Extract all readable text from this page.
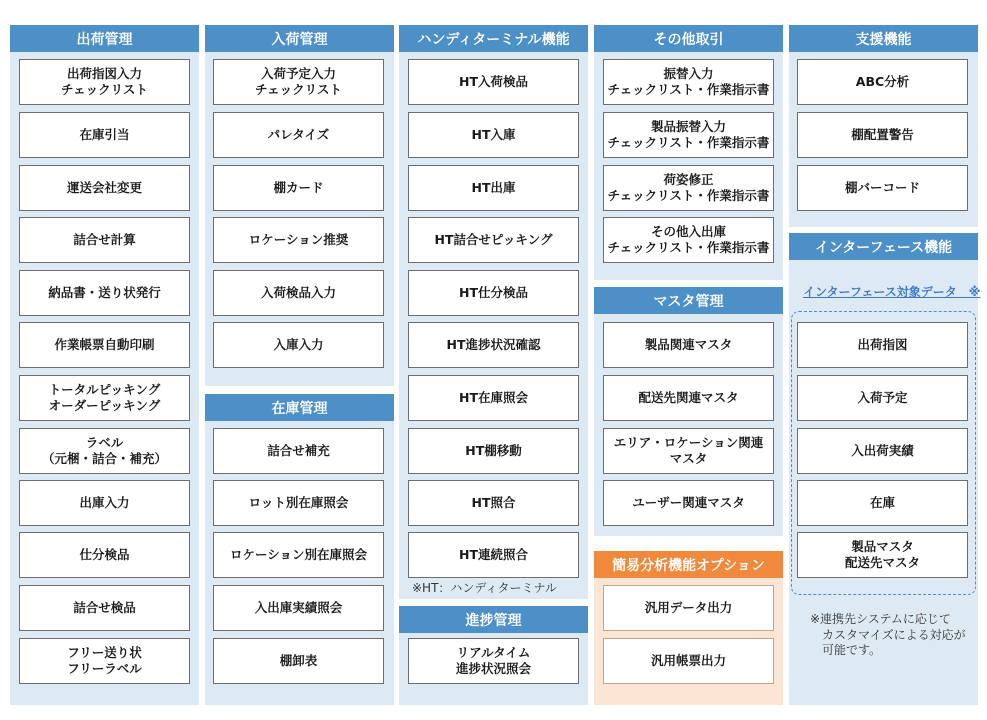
出荷管理
出荷指図入力
チェックリスト
在庫引当
運送会社変更
詰合せ計算
納品書・送り状発行
作業帳票自動印刷
トータルピッキング
オーダーピッキング
ラベル
（元梱・詰合・補充）
出庫入力
仕分検品
詰合せ検品
フリー送り状
フリーラベル
入荷管理
入荷予定入力
チェックリスト
パレタイズ
棚カード
ロケーション推奨
入荷検品入力
入庫入力
在庫管理
詰合せ補充
ロット別在庫照会
ロケーション別在庫照会
入出庫実績照会
棚卸表
ハンディターミナル機能
HT入荷検品
HT入庫
HT出庫
HT詰合せピッキング
HT仕分検品
HT進捗状況確認
HT在庫照会
HT棚移動
HT照合
HT連続照合
※HT：ハンディターミナル
進捗管理
リアルタイム
進捗状況照会
その他取引
振替入力
チェックリスト・作業指示書
製品振替入力
チェックリスト・作業指示書
荷姿修正
チェックリスト・作業指示書
その他入出庫
チェックリスト・作業指示書
マスタ管理
製品関連マスタ
配送先関連マスタ
エリア・ロケーション関連
マスタ
ユーザー関連マスタ
簡易分析機能オプション
汎用データ出力
汎用帳票出力
支援機能
ABC分析
棚配置警告
棚バーコード
インターフェース機能
インターフェース対象データ　※
出荷指図
入荷予定
入出荷実績
在庫
製品マスタ
配送先マスタ
※連携先システムに応じて
　カスタマイズによる対応が
　可能です。
